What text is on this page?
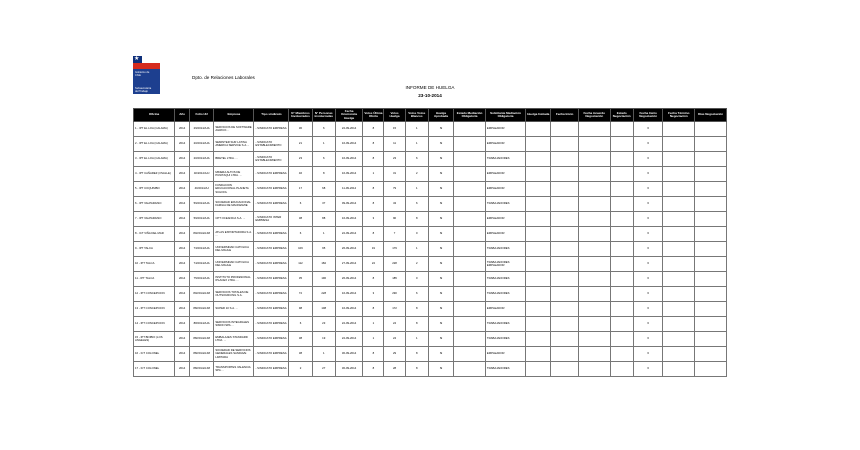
★
Gobierno de
Chile
Subsecretaría
del Trabajo
Dpto. de Relaciones Laborales
INFORME DE HUELGA
23-10-2014
Oficina	Año	Folio HU	Empresa	Tipo sindicato	N° Miembros Involucrados	N° Personas involucradas	Fecha Ocurrencia Huelga	Votos Última Oferta	Votos Huelga	Votos Votos Blancos	Huelga Aprobada	Estado Mediación Obligatoria	Solicitante Mediación Obligatoria	Huelga Iniciada	Fecha Inicio	Fecha Acuerdo Negociación	Estado Negociación	Fecha Inicio Negociación	Fecha Término Negociación	Días Negociación
1 - IPT EL LOA (CALAMA)	2014	29/2014/AJA	SERVICIOS DE SOFTWARE AGRICO...	- SINDICATO EMPRESA	30	6	22-09-2014	8	15	1	SI		EMPLEADOR					6		
2 - IPT EL LOA (CALAMA)	2014	20/2014/AJA	SEMINTER SUR LATINA AMERICA SERVICE S.A....	- SINDICATO ESTABLECIMIENTO	21	1	16-09-2014	8	11	1	SI		EMPLEADOR					6		
3 - IPT EL LOA (CALAMA)	2014	20/2014/AJA	BRETEL LTDA. ...	- SINDICATO ESTABLECIMIENTO	23	6	16-09-2014	8	23	6	SI		TRABAJADORES					6		
4 - IPT CAÑAREZ (OVALLE)	2014	40/2014/AJJ	MINERA ALTOS DE PUNITAQUI LTDA. ...	- SINDICATO EMPRESA	46	8	16-09-2014	1	31	2	SI		EMPLEADOR					6		
5 - IPT COQUIMBO	2014	40/2014/AJ	FUNDACION EDUCACIONAL PLANETA SCHOOL	- SINDICATO EMPRESA	17	68	11-09-2014	8	79	1	SI		EMPLEADOR					6		
6 - IPT VALPARAISO	2014	59/2014/AJA	SOCIEDAD EDUCACIONAL FAMILIA DE MACKENZIE	- SINDICATO EMPRESA	6	37	09-09-2014	8	43	6	SI		TRABAJADORES					6		
7 - IPT VALPARAISO	2014	59/2014/AJA	CPT OCEANICA S.A. ...	- SINDICATO INTER EMPRESA	38	88	16-09-2014	3	90	8	SI		EMPLEADOR					6		
8 - ICT VIÑA DEL MAR	2014	80/2014/AJM	ATLAS EXPORTADORA S.A. ...	- SINDICATO EMPRESA	6	1	22-09-2014	8	7	0	SI		EMPLEADOR					6		
9 - IPT TALCA	2014	73/2014/AJA	UNIVERSIDAD CATOLICA DEL MAULE	- SINDICATO EMPRESA	106	95	26-09-2014	19	179	1	SI		TRABAJADORES					6		
10 - IPT TALCA	2014	74/2014/AJA	UNIVERSIDAD CATOLICA DEL MAULE	- SINDICATO EMPRESA	112	182	27-09-2014	24	228	2	SI		TRABAJADORES EMPLEADOR					6		
11 - IPT TALCA	2014	75/2014/AJA	INSTITUTO PROFESIONAL IPLACEX LTDA. ...	- SINDICATO EMPRESA	35	190	26-09-2014	8	185	0	SI		TRABAJADORES					6		
12 - IPT CONCEPCION	2014	80/2014/AJM	SERVICIOS TOTALES DE OUTSOURCING S.A.	- SINDICATO EMPRESA	72	228	16-09-2014	3	290	6	SI		TRABAJADORES					6		
13 - IPT CONCEPCION	2014	88/2014/AJM	SUPER 10 S.A. ...	- SINDICATO EMPRESA	98	108	16-09-2014	8	172	8	SI		EMPLEADOR					6		
14 - IPT CONCEPCION	2014	88/2014/AJA	SERVICIOS INTEGRALES SIMON SPA ...	- SINDICATO EMPRESA	6	23	22-09-2014	1	24	8	SI		TRABAJADORES					6		
15 - IPT BIOBIO (LOS ANGELES)	2014	88/2014/AJM	EMBALAJES STANDARD LTDA. ...	- SINDICATO EMPRESA	38	19	22-09-2014	1	24	1	SI		TRABAJADORES					6		
16 - ICT COLONEL	2014	88/2014/AJM	SOCIEDAD DE SERVICIOS GENERALES SANDAVE LIMITADA	- SINDICATO EMPRESA	38	1	30-09-2014	8	29	8	SI		EMPLEADOR					6		
17 - ICT COLONEL	2014	88/2014/AJM	TRANSPORTES VALENCIA SPA ...	- SINDICATO EMPRESA	2	27	30-09-2014	8	28	8	SI		TRABAJADORES					6		
